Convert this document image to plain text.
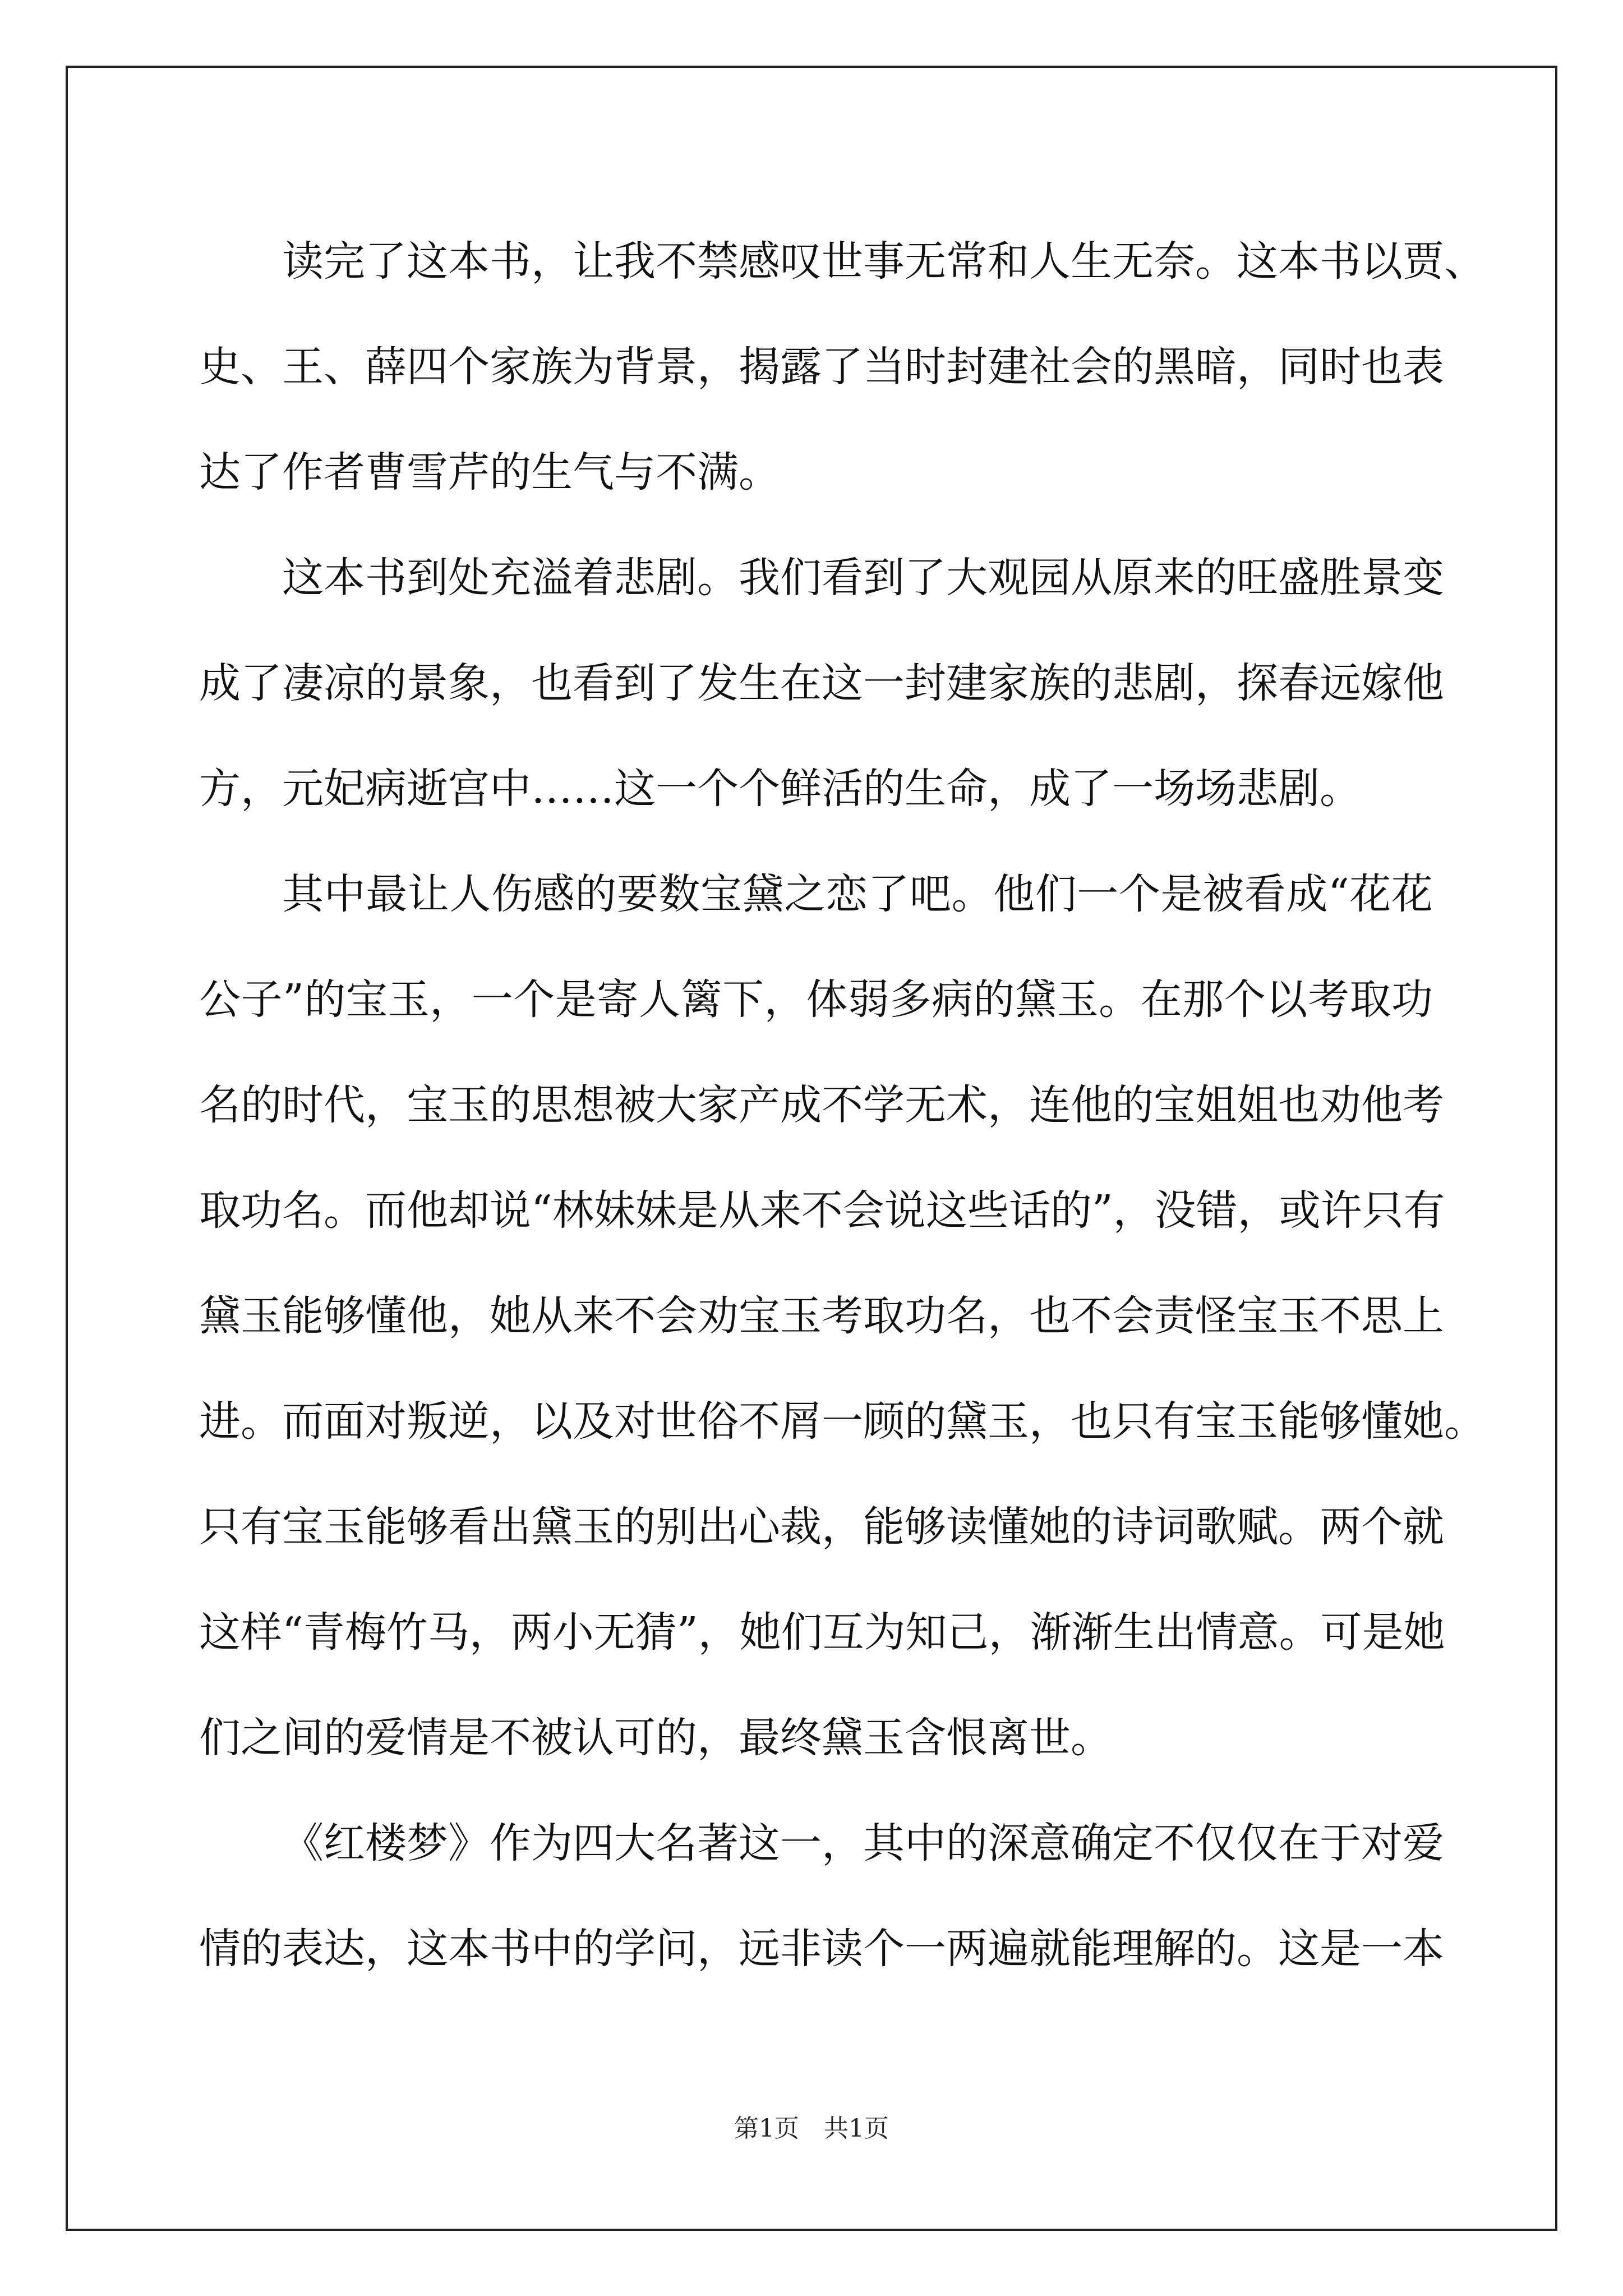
读完了这本书，让我不禁感叹世事无常和人生无奈。这本书以贾、
史、王、薛四个家族为背景，揭露了当时封建社会的黑暗，同时也表
达了作者曹雪芹的生气与不满。
这本书到处充溢着悲剧。我们看到了大观园从原来的旺盛胜景变
成了凄凉的景象，也看到了发生在这一封建家族的悲剧，探春远嫁他
方，元妃病逝宫中……这一个个鲜活的生命，成了一场场悲剧。
其中最让人伤感的要数宝黛之恋了吧。他们一个是被看成“花花
公子”的宝玉，一个是寄人篱下，体弱多病的黛玉。在那个以考取功
名的时代，宝玉的思想被大家产成不学无术，连他的宝姐姐也劝他考
取功名。而他却说“林妹妹是从来不会说这些话的”，没错，或许只有
黛玉能够懂他，她从来不会劝宝玉考取功名，也不会责怪宝玉不思上
进。而面对叛逆，以及对世俗不屑一顾的黛玉，也只有宝玉能够懂她。
只有宝玉能够看出黛玉的别出心裁，能够读懂她的诗词歌赋。两个就
这样“青梅竹马，两小无猜”，她们互为知己，渐渐生出情意。可是她
们之间的爱情是不被认可的，最终黛玉含恨离世。
《红楼梦》作为四大名著这一，其中的深意确定不仅仅在于对爱
情的表达，这本书中的学问，远非读个一两遍就能理解的。这是一本
第1页 共1页
